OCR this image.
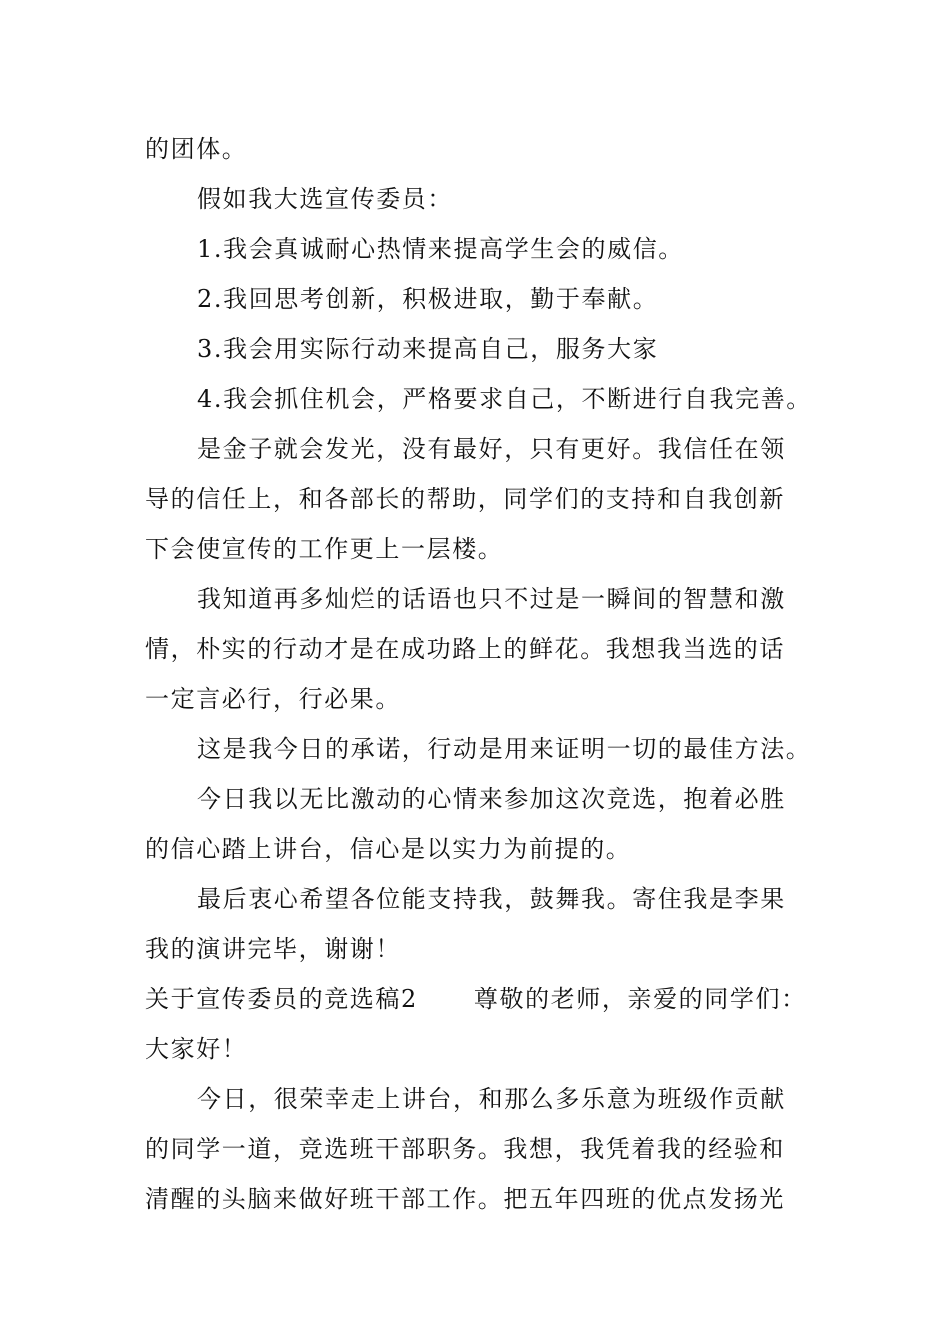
的团体。
假如我大选宣传委员：
1.我会真诚耐心热情来提高学生会的威信。
2.我回思考创新，积极进取，勤于奉献。
3.我会用实际行动来提高自己，服务大家
4.我会抓住机会，严格要求自己，不断进行自我完善。
是金子就会发光，没有最好，只有更好。我信任在领
导的信任上，和各部长的帮助，同学们的支持和自我创新
下会使宣传的工作更上一层楼。
我知道再多灿烂的话语也只不过是一瞬间的智慧和激
情，朴实的行动才是在成功路上的鲜花。我想我当选的话
一定言必行，行必果。
这是我今日的承诺，行动是用来证明一切的最佳方法。
今日我以无比激动的心情来参加这次竞选，抱着必胜
的信心踏上讲台，信心是以实力为前提的。
最后衷心希望各位能支持我，鼓舞我。寄住我是李果
我的演讲完毕，谢谢！
关于宣传委员的竞选稿2 尊敬的老师，亲爱的同学们：
大家好！
今日，很荣幸走上讲台，和那么多乐意为班级作贡献
的同学一道，竞选班干部职务。我想，我凭着我的经验和
清醒的头脑来做好班干部工作。把五年四班的优点发扬光
